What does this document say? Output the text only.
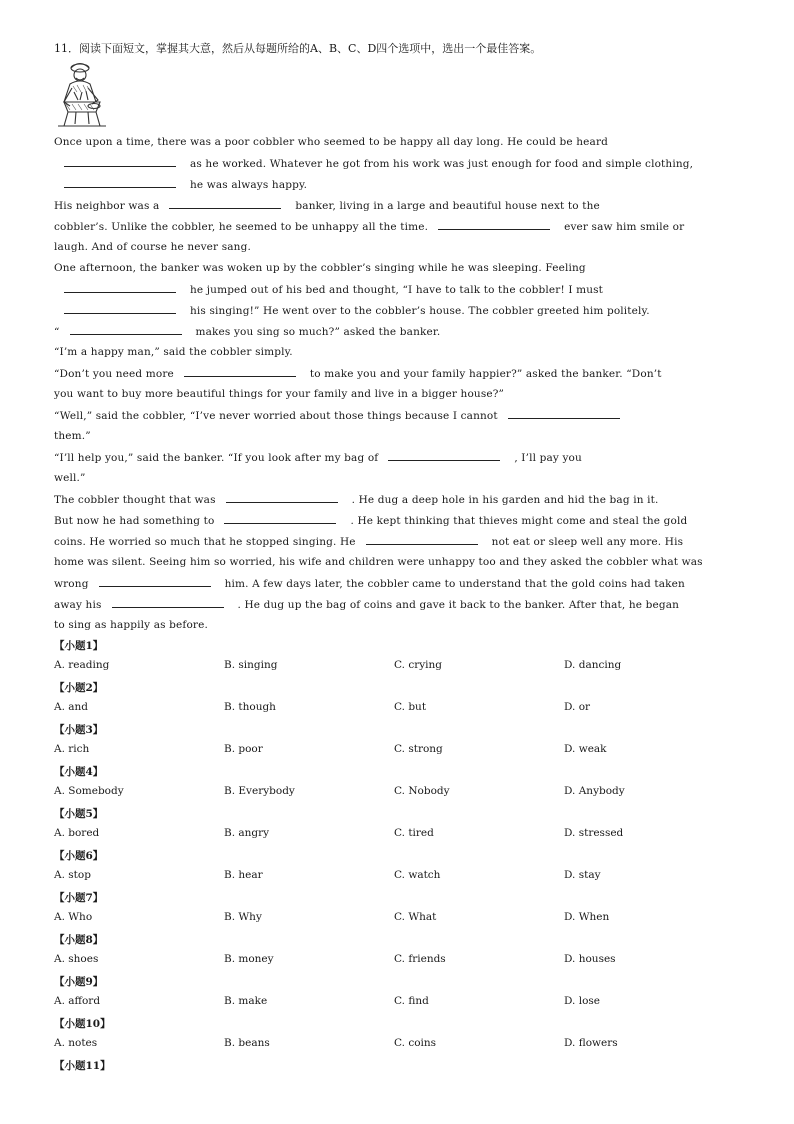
11．阅读下面短文，掌握其大意，然后从每题所给的A、B、C、D四个选项中，选出一个最佳答案。
Once upon a time, there was a poor cobbler who seemed to be happy all day long. He could be heard
as he worked. Whatever he got from his work was just enough for food and simple clothing,
he was always happy.
His neighbor was a	banker, living in a large and beautiful house next to the
cobbler’s. Unlike the cobbler, he seemed to be unhappy all the time.	ever saw him smile or
laugh. And of course he never sang.
One afternoon, the banker was woken up by the cobbler’s singing while he was sleeping. Feeling
he jumped out of his bed and thought, “I have to talk to the cobbler! I must
his singing!” He went over to the cobbler’s house. The cobbler greeted him politely.
“	makes you sing so much?” asked the banker.
“I’m a happy man,” said the cobbler simply.
“Don’t you need more	to make you and your family happier?” asked the banker. “Don’t
you want to buy more beautiful things for your family and live in a bigger house?”
“Well,” said the cobbler, “I’ve never worried about those things because I cannot
them.”
“I’ll help you,” said the banker. “If you look after my bag of	, I’ll pay you
well.”
The cobbler thought that was	. He dug a deep hole in his garden and hid the bag in it.
But now he had something to	. He kept thinking that thieves might come and steal the gold
coins. He worried so much that he stopped singing. He	not eat or sleep well any more. His
home was silent. Seeing him so worried, his wife and children were unhappy too and they asked the cobbler what was
wrong	him. A few days later, the cobbler came to understand that the gold coins had taken
away his	. He dug up the bag of coins and gave it back to the banker. After that, he began
to sing as happily as before.
【小题1】
A. reading	B. singing	C. crying	D. dancing
【小题2】
A. and	B. though	C. but	D. or
【小题3】
A. rich	B. poor	C. strong	D. weak
【小题4】
A. Somebody	B. Everybody	C. Nobody	D. Anybody
【小题5】
A. bored	B. angry	C. tired	D. stressed
【小题6】
A. stop	B. hear	C. watch	D. stay
【小题7】
A. Who	B. Why	C. What	D. When
【小题8】
A. shoes	B. money	C. friends	D. houses
【小题9】
A. afford	B. make	C. find	D. lose
【小题10】
A. notes	B. beans	C. coins	D. flowers
【小题11】
